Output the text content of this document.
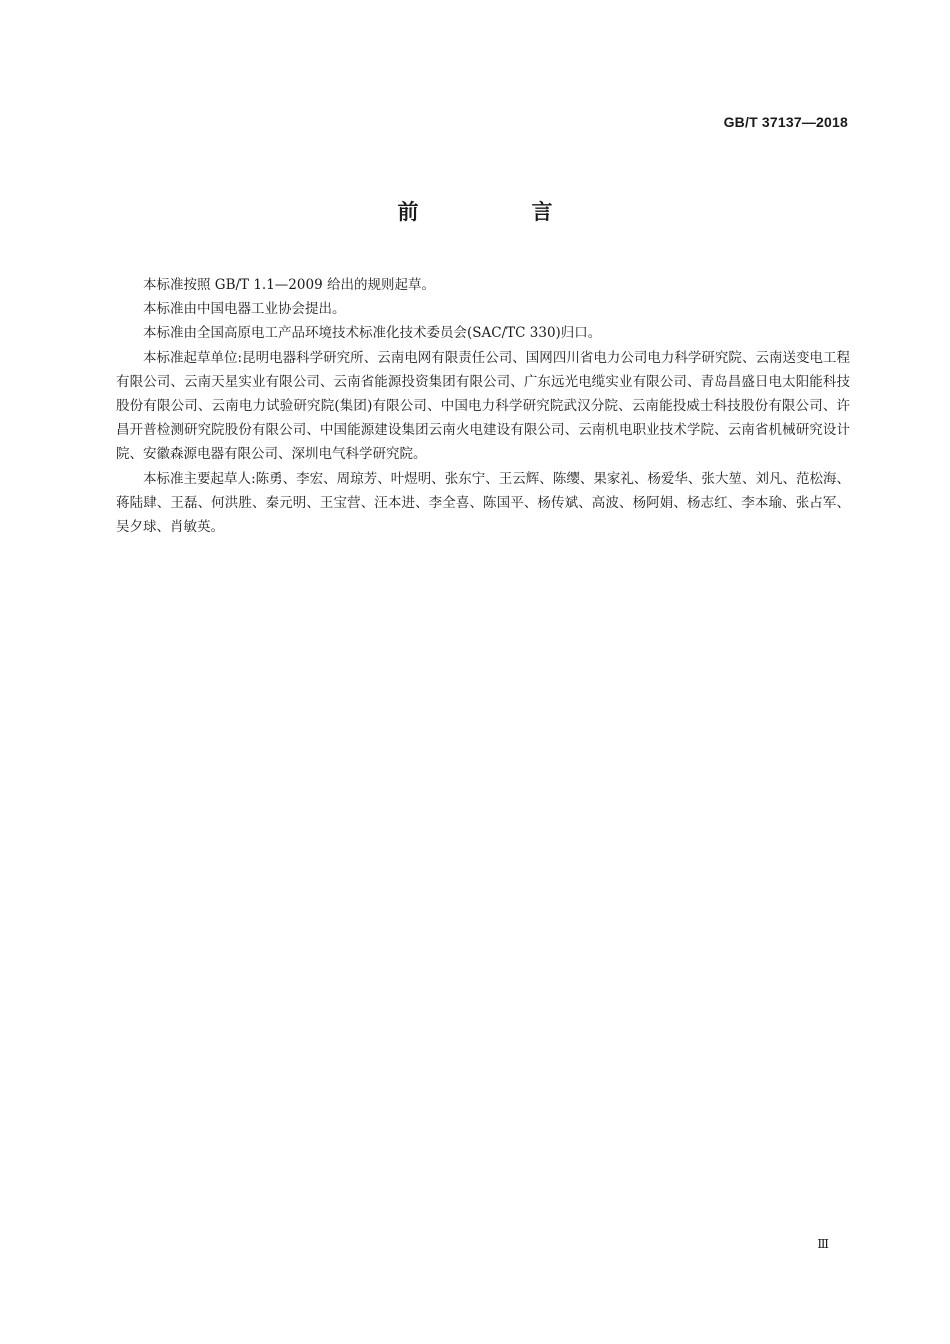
GB/T 37137—2018
前　言

本标准按照 GB/T 1.1—2009 给出的规则起草。

本标准由中国电器工业协会提出。

本标准由全国高原电工产品环境技术标准化技术委员会(SAC/TC 330)归口。

本标准起草单位:昆明电器科学研究所、云南电网有限责任公司、国网四川省电力公司电力科学研究院、云南送变电工程有限公司、云南天星实业有限公司、云南省能源投资集团有限公司、广东远光电缆实业有限公司、青岛昌盛日电太阳能科技股份有限公司、云南电力试验研究院(集团)有限公司、中国电力科学研究院武汉分院、云南能投威士科技股份有限公司、许昌开普检测研究院股份有限公司、中国能源建设集团云南火电建设有限公司、云南机电职业技术学院、云南省机械研究设计院、安徽森源电器有限公司、深圳电气科学研究院。

本标准主要起草人:陈勇、李宏、周琼芳、叶煜明、张东宁、王云辉、陈缨、果家礼、杨爱华、张大堃、刘凡、范松海、蒋陆肆、王磊、何洪胜、秦元明、王宝营、汪本进、李全喜、陈国平、杨传斌、高波、杨阿娟、杨志红、李本瑜、张占军、吴夕球、肖敏英。

Ⅲ
